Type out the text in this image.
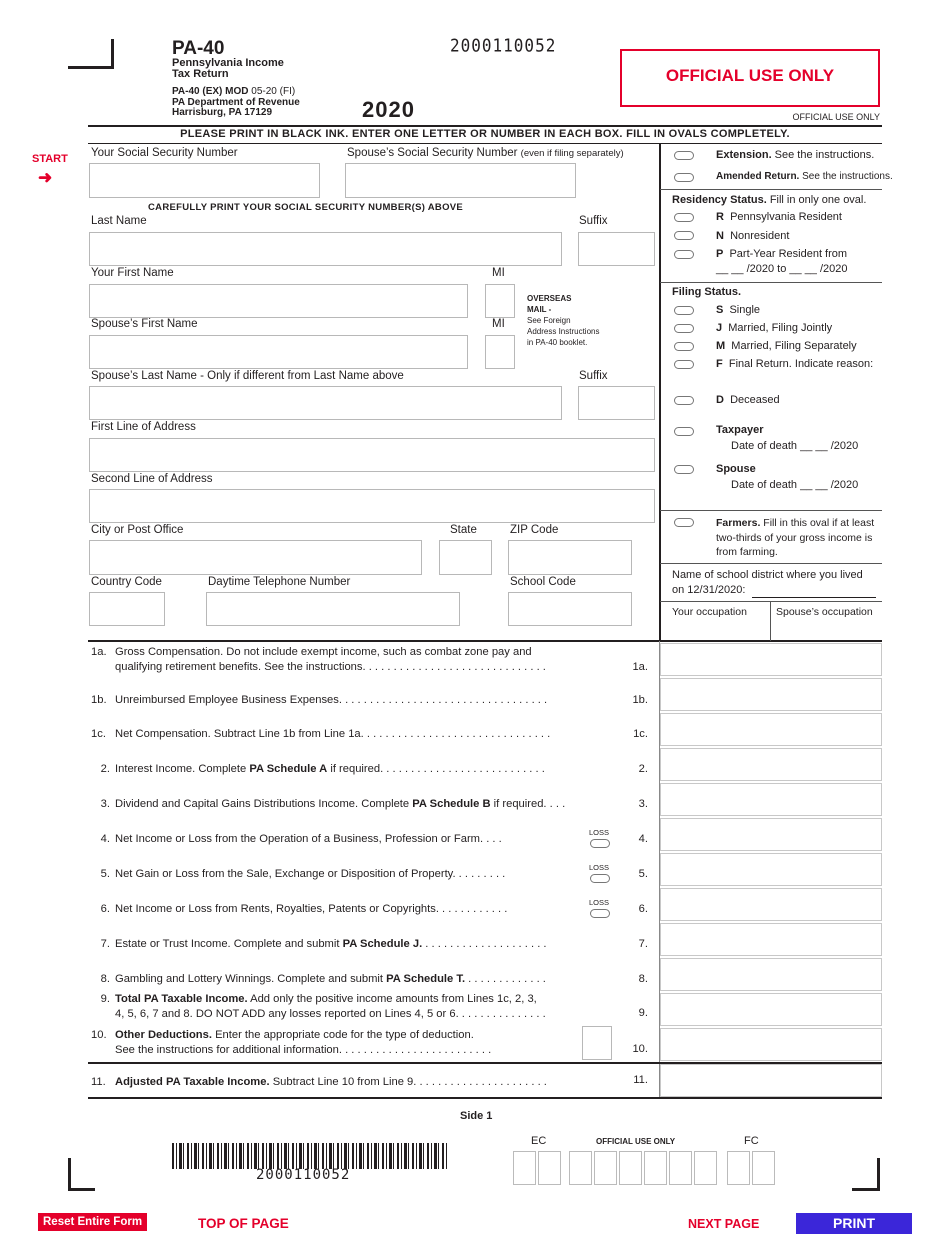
PA-40
Pennsylvania Income
Tax Return
PA-40 (EX) MOD 05-20 (FI)
PA Department of Revenue
Harrisburg, PA 17129	2020
2000110052
OFFICIAL USE ONLY
OFFICIAL USE ONLY
PLEASE PRINT IN BLACK INK. ENTER ONE LETTER OR NUMBER IN EACH BOX. FILL IN OVALS COMPLETELY.
START
➜
Your Social Security Number	Spouse’s Social Security Number (even if filing separately)
CAREFULLY PRINT YOUR SOCIAL SECURITY NUMBER(S) ABOVE
Last Name	Suffix
Your First Name	MI
OVERSEAS
MAIL -
See Foreign
Address Instructions
in PA-40 booklet.
Spouse’s First Name	MI
Spouse’s Last Name - Only if different from Last Name above	Suffix
First Line of Address
Second Line of Address
City or Post Office	State	ZIP Code
Country Code	Daytime Telephone Number	School Code
Extension. See the instructions.
Amended Return. See the instructions.
Residency Status. Fill in only one oval.
R Pennsylvania Resident
N Nonresident
P Part-Year Resident from
__ __ /2020 to __ __ /2020
Filing Status.
S Single
J Married, Filing Jointly
M Married, Filing Separately
F Final Return. Indicate reason:
D Deceased
Taxpayer
Date of death __ __ /2020
Spouse
Date of death __ __ /2020
Farmers. Fill in this oval if at least
two-thirds of your gross income is
from farming.
Name of school district where you lived
on 12/31/2020:
Your occupation	Spouse’s occupation
1a. Gross Compensation. Do not include exempt income, such as combat zone pay and
qualifying retirement benefits. See the instructions. . . . . . . . . . . . . . . . . . . . . . . . . . . . . .	1a.
1b. Unreimbursed Employee Business Expenses. . . . . . . . . . . . . . . . . . . . . . . . . . . . . . . . . .	1b.
1c. Net Compensation. Subtract Line 1b from Line 1a. . . . . . . . . . . . . . . . . . . . . . . . . . . . . . .	1c.
2. Interest Income. Complete PA Schedule A if required. . . . . . . . . . . . . . . . . . . . . . . . . . .	2.
3. Dividend and Capital Gains Distributions Income. Complete PA Schedule B if required. . . .	3.
4. Net Income or Loss from the Operation of a Business, Profession or Farm. . . .
LOSS
4.
5. Net Gain or Loss from the Sale, Exchange or Disposition of Property. . . . . . . . .
LOSS
5.
6. Net Income or Loss from Rents, Royalties, Patents or Copyrights. . . . . . . . . . . .
LOSS
6.
7. Estate or Trust Income. Complete and submit PA Schedule J. . . . . . . . . . . . . . . . . . . . .	7.
8. Gambling and Lottery Winnings. Complete and submit PA Schedule T. . . . . . . . . . . . . .	8.
9. Total PA Taxable Income. Add only the positive income amounts from Lines 1c, 2, 3,
4, 5, 6, 7 and 8. DO NOT ADD any losses reported on Lines 4, 5 or 6. . . . . . . . . . . . . . .	9.
10. Other Deductions. Enter the appropriate code for the type of deduction.
See the instructions for additional information. . . . . . . . . . . . . . . . . . . . . . . . .	10.
11. Adjusted PA Taxable Income. Subtract Line 10 from Line 9. . . . . . . . . . . . . . . . . . . . . .	11.
Side 1
2000110052
EC	OFFICIAL USE ONLY	FC
Reset Entire Form	TOP OF PAGE	NEXT PAGE	PRINT
